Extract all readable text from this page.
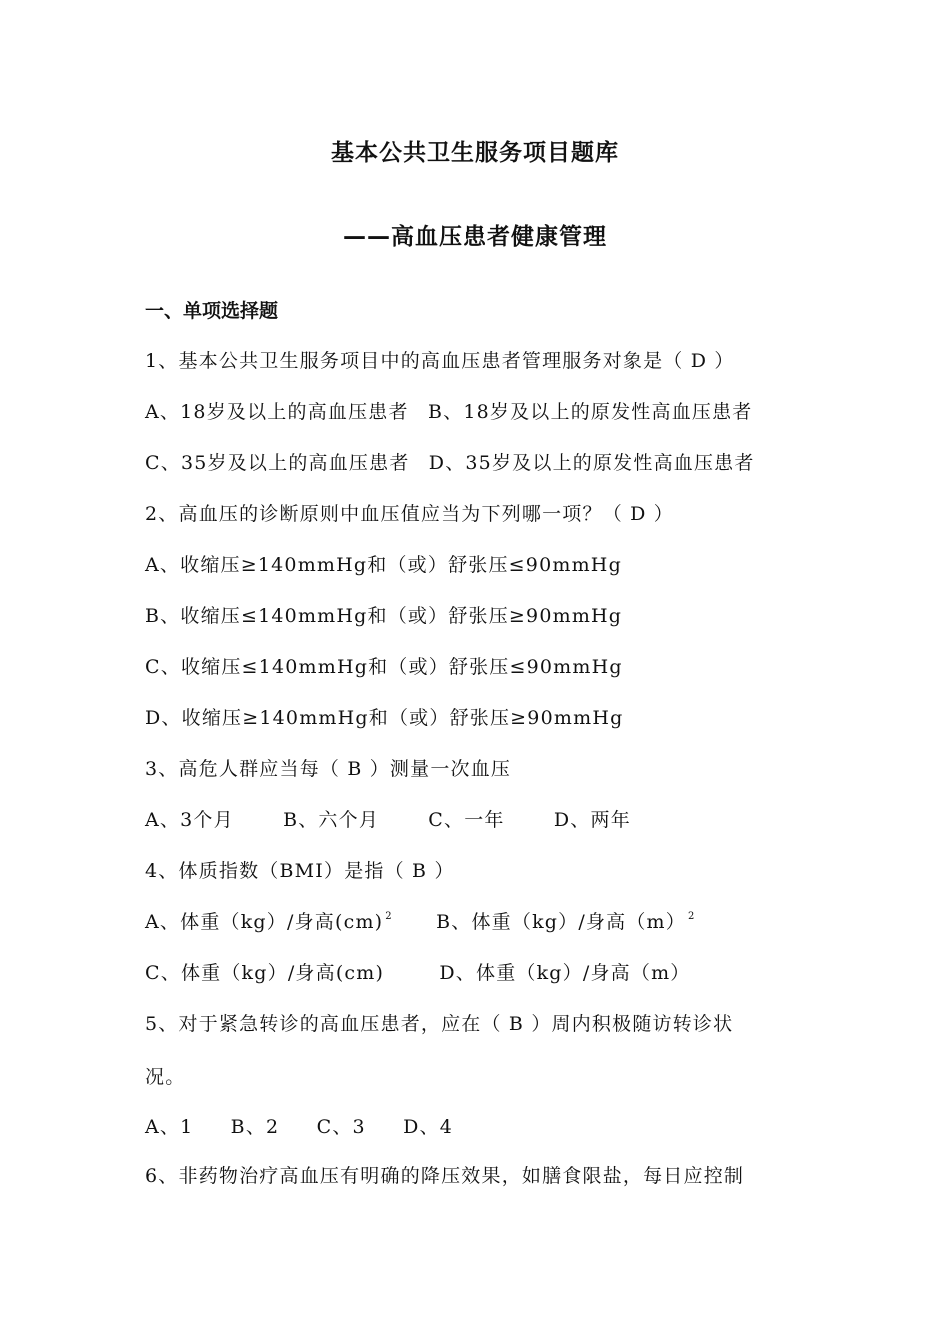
基本公共卫生服务项目题库
——高血压患者健康管理
一、单项选择题
1、基本公共卫生服务项目中的高血压患者管理服务对象是（ D ）
A、18岁及以上的高血压患者 B、18岁及以上的原发性高血压患者
C、35岁及以上的高血压患者 D、35岁及以上的原发性高血压患者
2、高血压的诊断原则中血压值应当为下列哪一项？（ D ）
A、收缩压≥140mmHg和（或）舒张压≤90mmHg
B、收缩压≤140mmHg和（或）舒张压≥90mmHg
C、收缩压≤140mmHg和（或）舒张压≤90mmHg
D、收缩压≥140mmHg和（或）舒张压≥90mmHg
3、高危人群应当每（ B ）测量一次血压
A、3个月	B、六个月	C、一年	D、两年
4、体质指数（BMI）是指（ B ）
A、体重（kg）/身高(cm) $^2$ B、体重（kg）/身高（m） $^2$
C、体重（kg）/身高(cm)	D、体重（kg）/身高（m）
5、对于紧急转诊的高血压患者，应在（ B ）周内积极随访转诊状
况。
A、1 B、2 C、3 D、4
6、非药物治疗高血压有明确的降压效果，如膳食限盐，每日应控制
